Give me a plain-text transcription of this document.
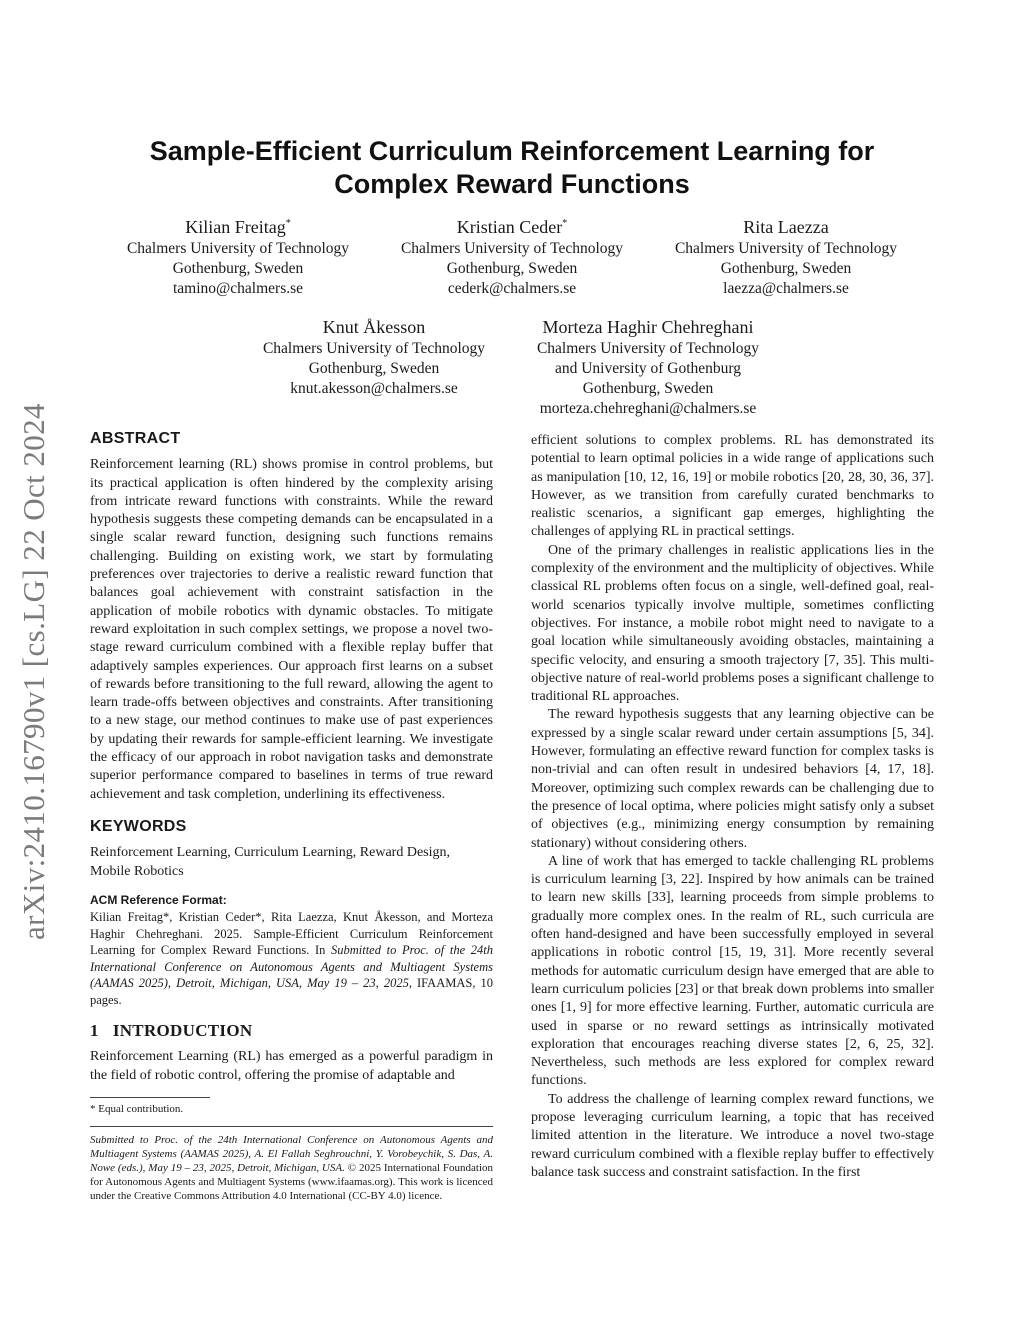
arXiv:2410.16790v1 [cs.LG] 22 Oct 2024
Sample-Efficient Curriculum Reinforcement Learning for Complex Reward Functions
Kilian Freitag*
Chalmers University of Technology
Gothenburg, Sweden
tamino@chalmers.se
Kristian Ceder*
Chalmers University of Technology
Gothenburg, Sweden
cederk@chalmers.se
Rita Laezza
Chalmers University of Technology
Gothenburg, Sweden
laezza@chalmers.se
Knut Åkesson
Chalmers University of Technology
Gothenburg, Sweden
knut.akesson@chalmers.se
Morteza Haghir Chehreghani
Chalmers University of Technology
and University of Gothenburg
Gothenburg, Sweden
morteza.chehreghani@chalmers.se
ABSTRACT

Reinforcement learning (RL) shows promise in control problems, but its practical application is often hindered by the complexity arising from intricate reward functions with constraints. While the reward hypothesis suggests these competing demands can be encapsulated in a single scalar reward function, designing such functions remains challenging. Building on existing work, we start by formulating preferences over trajectories to derive a realistic reward function that balances goal achievement with constraint satisfaction in the application of mobile robotics with dynamic obstacles. To mitigate reward exploitation in such complex settings, we propose a novel two-stage reward curriculum combined with a flexible replay buffer that adaptively samples experiences. Our approach first learns on a subset of rewards before transitioning to the full reward, allowing the agent to learn trade-offs between objectives and constraints. After transitioning to a new stage, our method continues to make use of past experiences by updating their rewards for sample-efficient learning. We investigate the efficacy of our approach in robot navigation tasks and demonstrate superior performance compared to baselines in terms of true reward achievement and task completion, underlining its effectiveness.

KEYWORDS

Reinforcement Learning, Curriculum Learning, Reward Design, Mobile Robotics

ACM Reference Format:

Kilian Freitag*, Kristian Ceder*, Rita Laezza, Knut Åkesson, and Morteza Haghir Chehreghani. 2025. Sample-Efficient Curriculum Reinforcement Learning for Complex Reward Functions. In Submitted to Proc. of the 24th International Conference on Autonomous Agents and Multiagent Systems (AAMAS 2025), Detroit, Michigan, USA, May 19 – 23, 2025, IFAAMAS, 10 pages.

1 INTRODUCTION

Reinforcement Learning (RL) has emerged as a powerful paradigm in the field of robotic control, offering the promise of adaptable and

* Equal contribution.
Submitted to Proc. of the 24th International Conference on Autonomous Agents and Multiagent Systems (AAMAS 2025), A. El Fallah Seghrouchni, Y. Vorobeychik, S. Das, A. Nowe (eds.), May 19 – 23, 2025, Detroit, Michigan, USA. © 2025 International Foundation for Autonomous Agents and Multiagent Systems (www.ifaamas.org). This work is licenced under the Creative Commons Attribution 4.0 International (CC-BY 4.0) licence.

efficient solutions to complex problems. RL has demonstrated its potential to learn optimal policies in a wide range of applications such as manipulation [10, 12, 16, 19] or mobile robotics [20, 28, 30, 36, 37]. However, as we transition from carefully curated benchmarks to realistic scenarios, a significant gap emerges, highlighting the challenges of applying RL in practical settings.

One of the primary challenges in realistic applications lies in the complexity of the environment and the multiplicity of objectives. While classical RL problems often focus on a single, well-defined goal, real-world scenarios typically involve multiple, sometimes conflicting objectives. For instance, a mobile robot might need to navigate to a goal location while simultaneously avoiding obstacles, maintaining a specific velocity, and ensuring a smooth trajectory [7, 35]. This multi-objective nature of real-world problems poses a significant challenge to traditional RL approaches.

The reward hypothesis suggests that any learning objective can be expressed by a single scalar reward under certain assumptions [5, 34]. However, formulating an effective reward function for complex tasks is non-trivial and can often result in undesired behaviors [4, 17, 18]. Moreover, optimizing such complex rewards can be challenging due to the presence of local optima, where policies might satisfy only a subset of objectives (e.g., minimizing energy consumption by remaining stationary) without considering others.

A line of work that has emerged to tackle challenging RL problems is curriculum learning [3, 22]. Inspired by how animals can be trained to learn new skills [33], learning proceeds from simple problems to gradually more complex ones. In the realm of RL, such curricula are often hand-designed and have been successfully employed in several applications in robotic control [15, 19, 31]. More recently several methods for automatic curriculum design have emerged that are able to learn curriculum policies [23] or that break down problems into smaller ones [1, 9] for more effective learning. Further, automatic curricula are used in sparse or no reward settings as intrinsically motivated exploration that encourages reaching diverse states [2, 6, 25, 32]. Nevertheless, such methods are less explored for complex reward functions.

To address the challenge of learning complex reward functions, we propose leveraging curriculum learning, a topic that has received limited attention in the literature. We introduce a novel two-stage reward curriculum combined with a flexible replay buffer to effectively balance task success and constraint satisfaction. In the first
